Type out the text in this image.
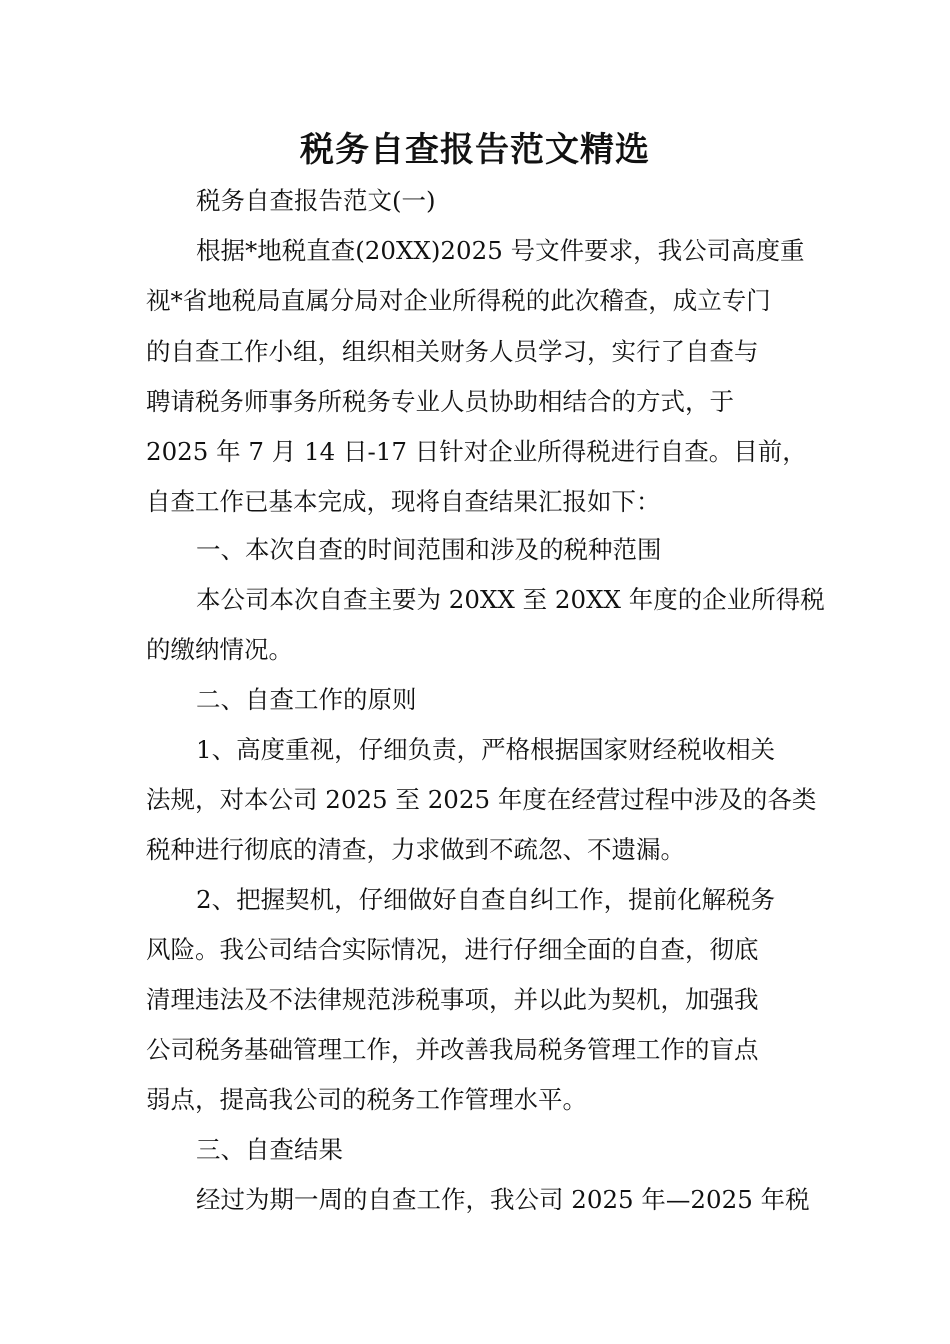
税务自查报告范文精选
税务自查报告范文(一)
根据*地税直查(20XX)2025 号文件要求，我公司高度重
视*省地税局直属分局对企业所得税的此次稽查，成立专门
的自查工作小组，组织相关财务人员学习，实行了自查与
聘请税务师事务所税务专业人员协助相结合的方式，于
2025 年 7 月 14 日-17 日针对企业所得税进行自查。目前，
自查工作已基本完成，现将自查结果汇报如下：
一、本次自查的时间范围和涉及的税种范围
本公司本次自查主要为 20XX 至 20XX 年度的企业所得税
的缴纳情况。
二、自查工作的原则
1、高度重视，仔细负责，严格根据国家财经税收相关
法规，对本公司 2025 至 2025 年度在经营过程中涉及的各类
税种进行彻底的清查，力求做到不疏忽、不遗漏。
2、把握契机，仔细做好自查自纠工作，提前化解税务
风险。我公司结合实际情况，进行仔细全面的自查，彻底
清理违法及不法律规范涉税事项，并以此为契机，加强我
公司税务基础管理工作，并改善我局税务管理工作的盲点
弱点，提高我公司的税务工作管理水平。
三、自查结果
经过为期一周的自查工作，我公司 2025 年—2025 年税
